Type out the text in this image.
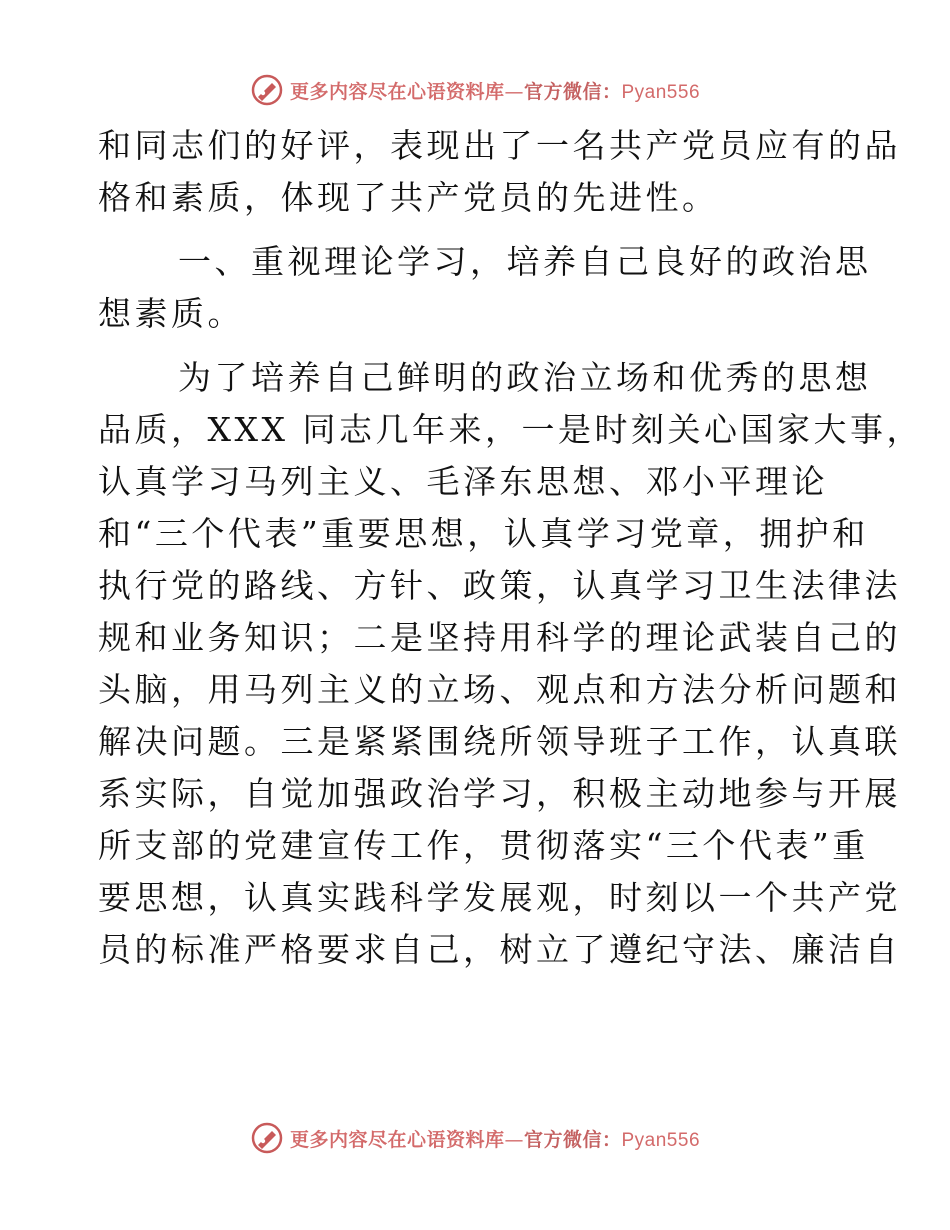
更多内容尽在心语资料库—官方微信：Pyan556
和同志们的好评，表现出了一名共产党员应有的品
格和素质，体现了共产党员的先进性。
一、重视理论学习，培养自己良好的政治思
想素质。
为了培养自己鲜明的政治立场和优秀的思想
品质，XXX 同志几年来，一是时刻关心国家大事，
认真学习马列主义、毛泽东思想、邓小平理论
和“三个代表”重要思想，认真学习党章，拥护和
执行党的路线、方针、政策，认真学习卫生法律法
规和业务知识；二是坚持用科学的理论武装自己的
头脑，用马列主义的立场、观点和方法分析问题和
解决问题。三是紧紧围绕所领导班子工作，认真联
系实际，自觉加强政治学习，积极主动地参与开展
所支部的党建宣传工作，贯彻落实“三个代表”重
要思想，认真实践科学发展观，时刻以一个共产党
员的标准严格要求自己，树立了遵纪守法、廉洁自
更多内容尽在心语资料库—官方微信：Pyan556
